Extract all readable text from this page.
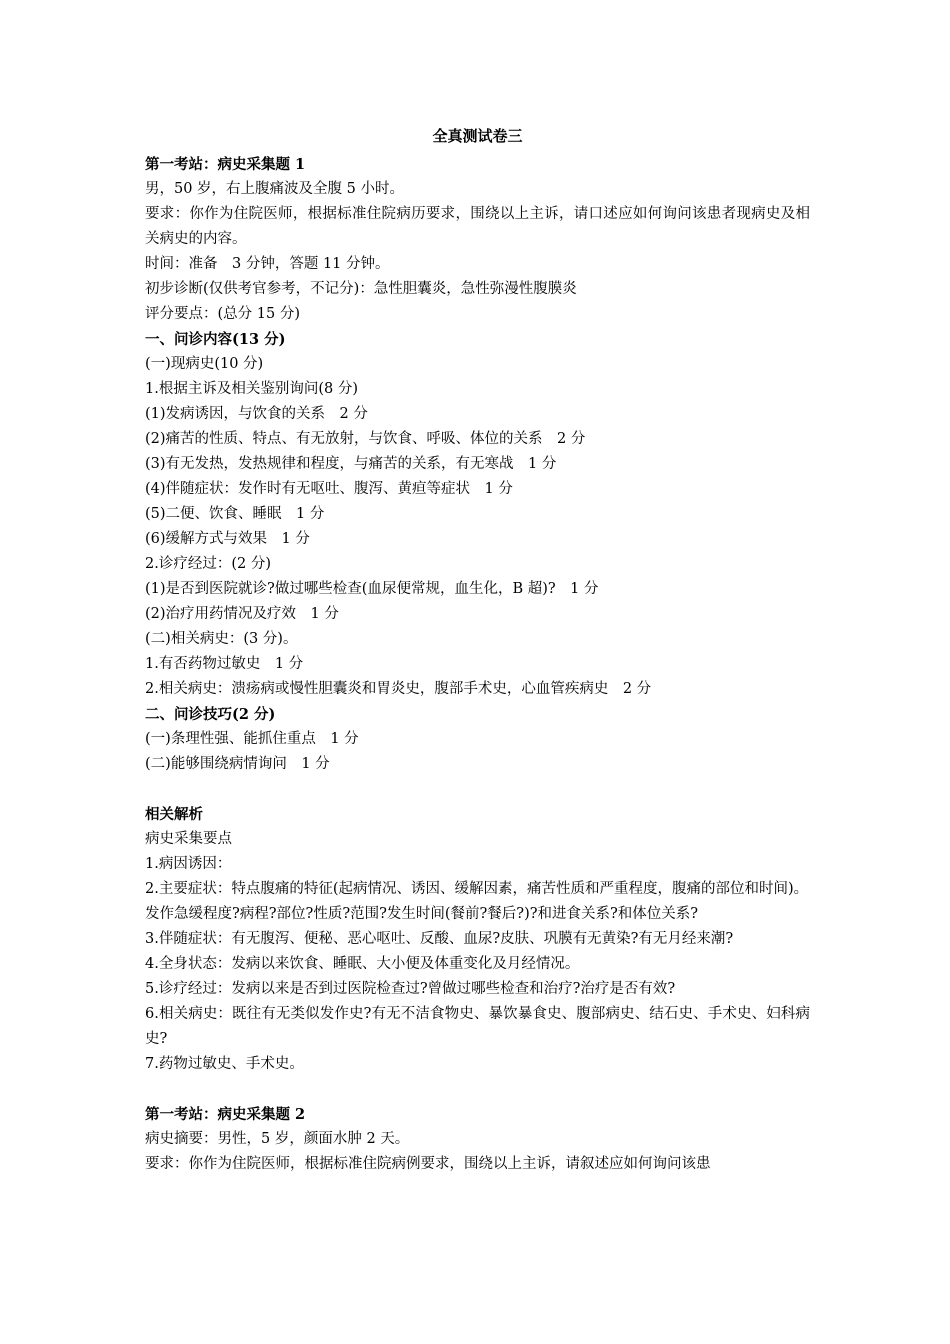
全真测试卷三
第一考站：病史采集题 1
男，50 岁，右上腹痛波及全腹 5 小时。
要求：你作为住院医师，根据标准住院病历要求，围绕以上主诉，请口述应如何询问该患者现病史及相关病史的内容。
时间：准备　3 分钟，答题 11 分钟。
初步诊断(仅供考官参考，不记分)：急性胆囊炎，急性弥漫性腹膜炎
评分要点：(总分 15 分)
一、问诊内容(13 分)
(一)现病史(10 分)
1.根据主诉及相关鉴别询问(8 分)
(1)发病诱因，与饮食的关系　2 分
(2)痛苦的性质、特点、有无放射，与饮食、呼吸、体位的关系　2 分
(3)有无发热，发热规律和程度，与痛苦的关系，有无寒战　1 分
(4)伴随症状：发作时有无呕吐、腹泻、黄疸等症状　1 分
(5)二便、饮食、睡眠　1 分
(6)缓解方式与效果　1 分
2.诊疗经过：(2 分)
(1)是否到医院就诊?做过哪些检查(血尿便常规，血生化，B 超)?　1 分
(2)治疗用药情况及疗效　1 分
(二)相关病史：(3 分)。
1.有否药物过敏史　1 分
2.相关病史：溃疡病或慢性胆囊炎和胃炎史，腹部手术史，心血管疾病史　2 分
二、问诊技巧(2 分)
(一)条理性强、能抓住重点　1 分
(二)能够围绕病情询问　1 分
相关解析
病史采集要点
1.病因诱因：
2.主要症状：特点腹痛的特征(起病情况、诱因、缓解因素，痛苦性质和严重程度，腹痛的部位和时间)。
发作急缓程度?病程?部位?性质?范围?发生时间(餐前?餐后?)?和进食关系?和体位关系?
3.伴随症状：有无腹泻、便秘、恶心呕吐、反酸、血尿?皮肤、巩膜有无黄染?有无月经来潮?
4.全身状态：发病以来饮食、睡眠、大小便及体重变化及月经情况。
5.诊疗经过：发病以来是否到过医院检查过?曾做过哪些检查和治疗?治疗是否有效?
6.相关病史：既往有无类似发作史?有无不洁食物史、暴饮暴食史、腹部病史、结石史、手术史、妇科病史?
7.药物过敏史、手术史。
第一考站：病史采集题 2
病史摘要：男性，5 岁，颜面水肿 2 天。
要求：你作为住院医师，根据标准住院病例要求，围绕以上主诉，请叙述应如何询问该患
